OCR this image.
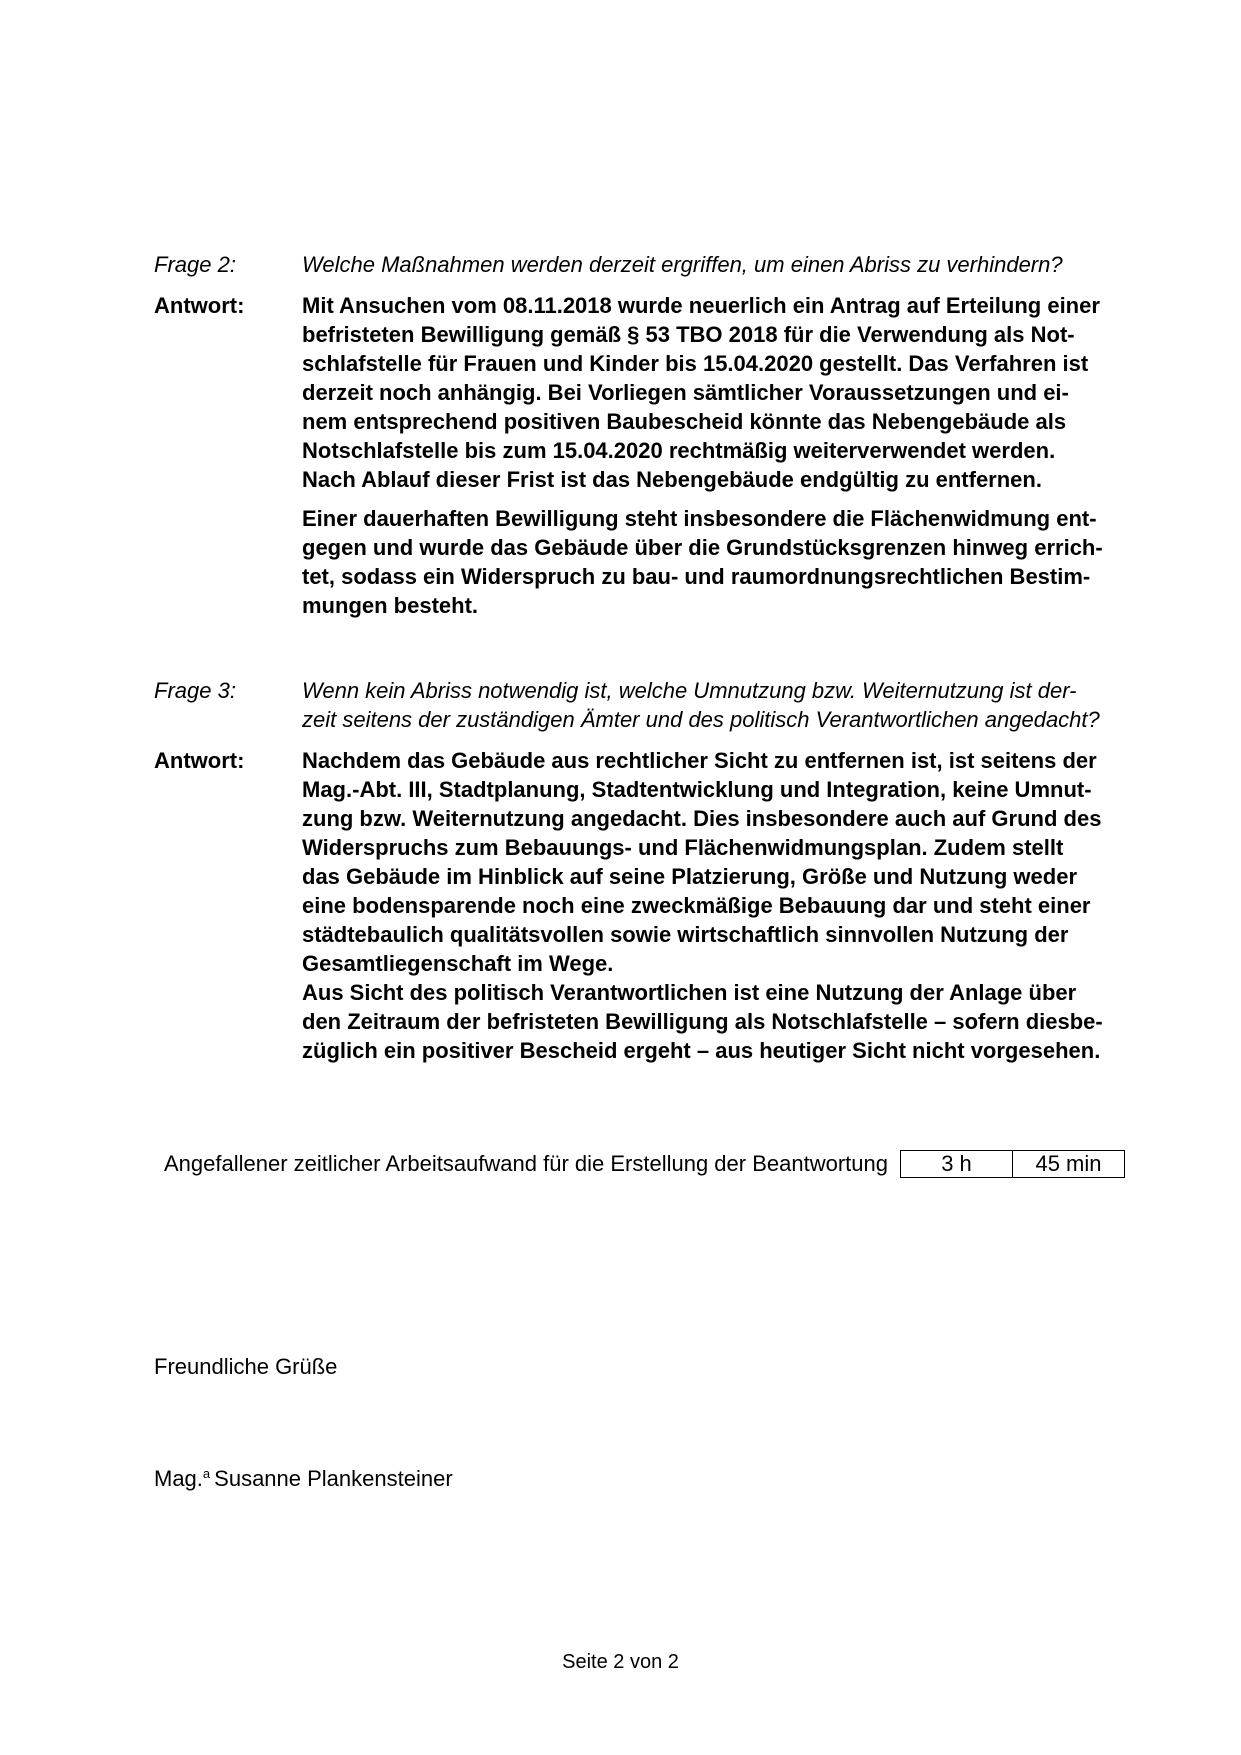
Frage 2:	Welche Maßnahmen werden derzeit ergriffen, um einen Abriss zu verhindern?
Antwort:	Mit Ansuchen vom 08.11.2018 wurde neuerlich ein Antrag auf Erteilung einer
befristeten Bewilligung gemäß § 53 TBO 2018 für die Verwendung als Not-
schlafstelle für Frauen und Kinder bis 15.04.2020 gestellt. Das Verfahren ist
derzeit noch anhängig. Bei Vorliegen sämtlicher Voraussetzungen und ei-
nem entsprechend positiven Baubescheid könnte das Nebengebäude als
Notschlafstelle bis zum 15.04.2020 rechtmäßig weiterverwendet werden.
Nach Ablauf dieser Frist ist das Nebengebäude endgültig zu entfernen.

Einer dauerhaften Bewilligung steht insbesondere die Flächenwidmung ent-
gegen und wurde das Gebäude über die Grundstücksgrenzen hinweg errich-
tet, sodass ein Widerspruch zu bau- und raumordnungsrechtlichen Bestim-
mungen besteht.

Frage 3:	Wenn kein Abriss notwendig ist, welche Umnutzung bzw. Weiternutzung ist der-
zeit seitens der zuständigen Ämter und des politisch Verantwortlichen angedacht?
Antwort:	Nachdem das Gebäude aus rechtlicher Sicht zu entfernen ist, ist seitens der
Mag.-Abt. III, Stadtplanung, Stadtentwicklung und Integration, keine Umnut-
zung bzw. Weiternutzung angedacht. Dies insbesondere auch auf Grund des
Widerspruchs zum Bebauungs- und Flächenwidmungsplan. Zudem stellt
das Gebäude im Hinblick auf seine Platzierung, Größe und Nutzung weder
eine bodensparende noch eine zweckmäßige Bebauung dar und steht einer
städtebaulich qualitätsvollen sowie wirtschaftlich sinnvollen Nutzung der
Gesamtliegenschaft im Wege.
Aus Sicht des politisch Verantwortlichen ist eine Nutzung der Anlage über
den Zeitraum der befristeten Bewilligung als Notschlafstelle – sofern diesbe-
züglich ein positiver Bescheid ergeht – aus heutiger Sicht nicht vorgesehen.
Angefallener zeitlicher Arbeitsaufwand für die Erstellung der Beantwortung	3 h	45 min
Freundliche Grüße
Mag.$^a$ Susanne Plankensteiner
Seite 2 von 2
